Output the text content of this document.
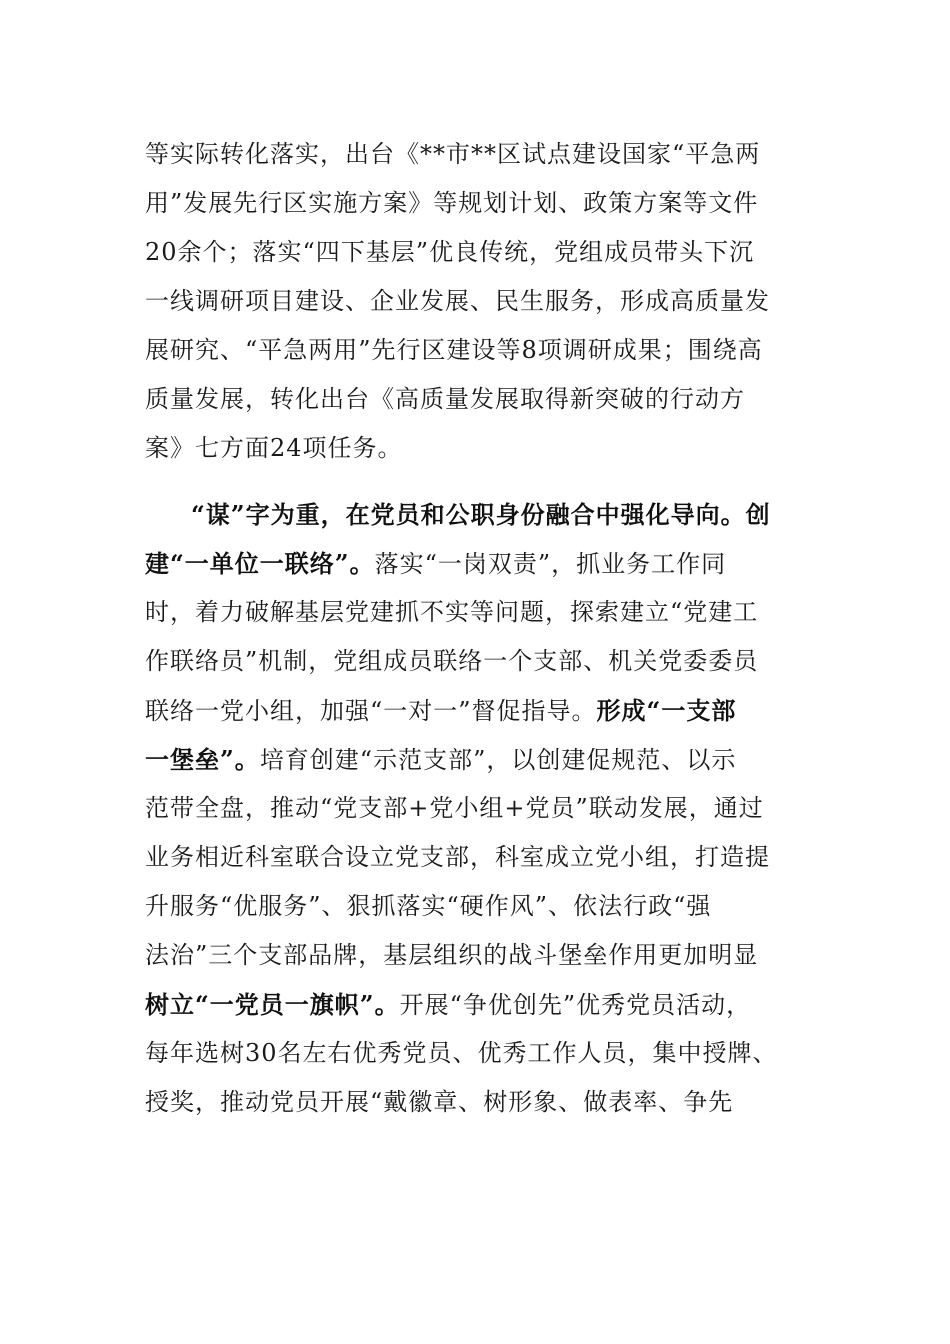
等实际转化落实，出台《**市**区试点建设国家“平急两
用”发展先行区实施方案》等规划计划、政策方案等文件
20余个；落实“四下基层”优良传统，党组成员带头下沉
一线调研项目建设、企业发展、民生服务，形成高质量发
展研究、“平急两用”先行区建设等8项调研成果；围绕高
质量发展，转化出台《高质量发展取得新突破的行动方
案》七方面24项任务。
“谋”字为重，在党员和公职身份融合中强化导向。创
建“一单位一联络”。落实“一岗双责”，抓业务工作同
时，着力破解基层党建抓不实等问题，探索建立“党建工
作联络员”机制，党组成员联络一个支部、机关党委委员
联络一党小组，加强“一对一”督促指导。形成“一支部
一堡垒”。培育创建“示范支部”，以创建促规范、以示
范带全盘，推动“党支部+党小组+党员”联动发展，通过
业务相近科室联合设立党支部，科室成立党小组，打造提
升服务“优服务”、狠抓落实“硬作风”、依法行政“强
法治”三个支部品牌，基层组织的战斗堡垒作用更加明显
树立“一党员一旗帜”。开展“争优创先”优秀党员活动，
每年选树30名左右优秀党员、优秀工作人员，集中授牌、
授奖，推动党员开展“戴徽章、树形象、做表率、争先
